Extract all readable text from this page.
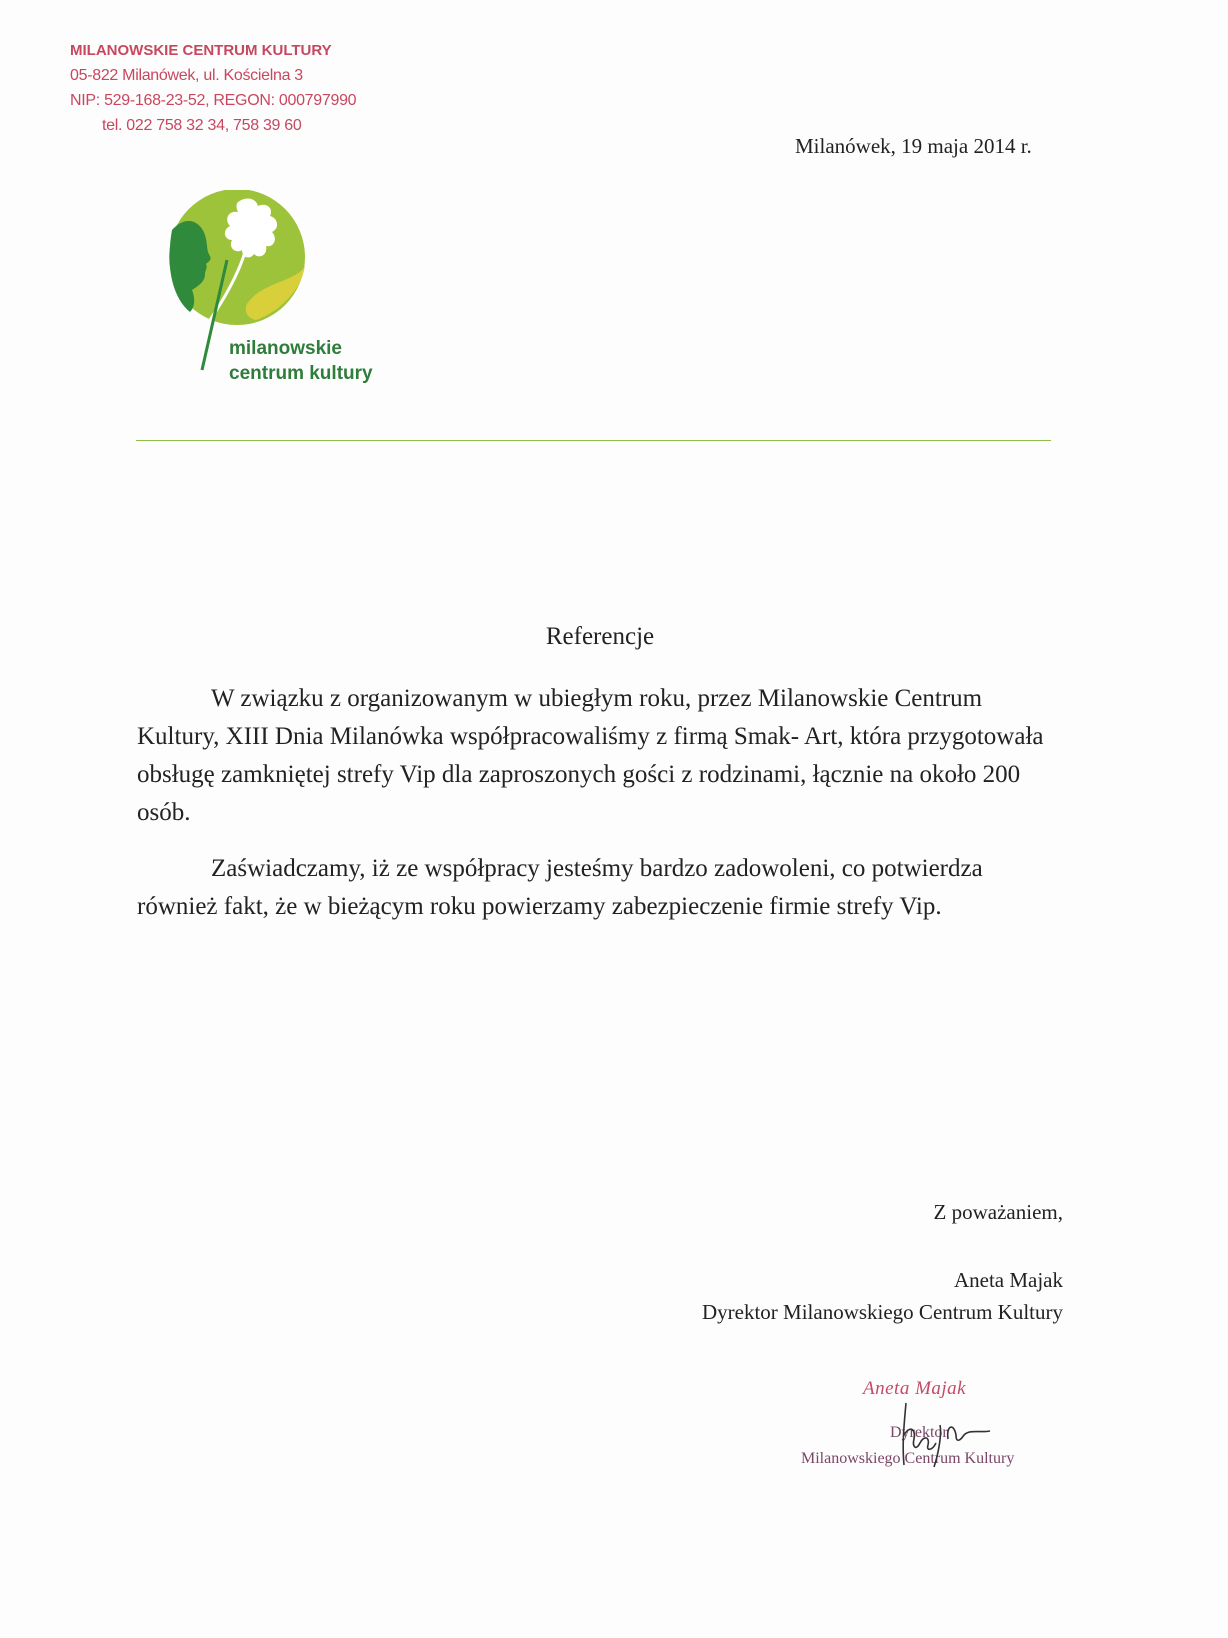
MILANOWSKIE CENTRUM KULTURY
05-822 Milanówek, ul. Kościelna 3
NIP: 529-168-23-52, REGON: 000797990
tel. 022 758 32 34, 758 39 60
Milanówek, 19 maja 2014 r.
milanowskie
centrum kultury
Referencje

W związku z organizowanym w ubiegłym roku, przez Milanowskie Centrum Kultury, XIII Dnia Milanówka współpracowaliśmy z firmą Smak- Art, która przygotowała obsługę zamkniętej strefy Vip dla zaproszonych gości z rodzinami, łącznie na około 200 osób.

Zaświadczamy, iż ze współpracy jesteśmy bardzo zadowoleni, co potwierdza również fakt, że w bieżącym roku powierzamy zabezpieczenie firmie strefy Vip.

Z poważaniem,
Aneta Majak
Dyrektor Milanowskiego Centrum Kultury
Aneta Majak
Dyrektor
Milanowskiego Centrum Kultury
